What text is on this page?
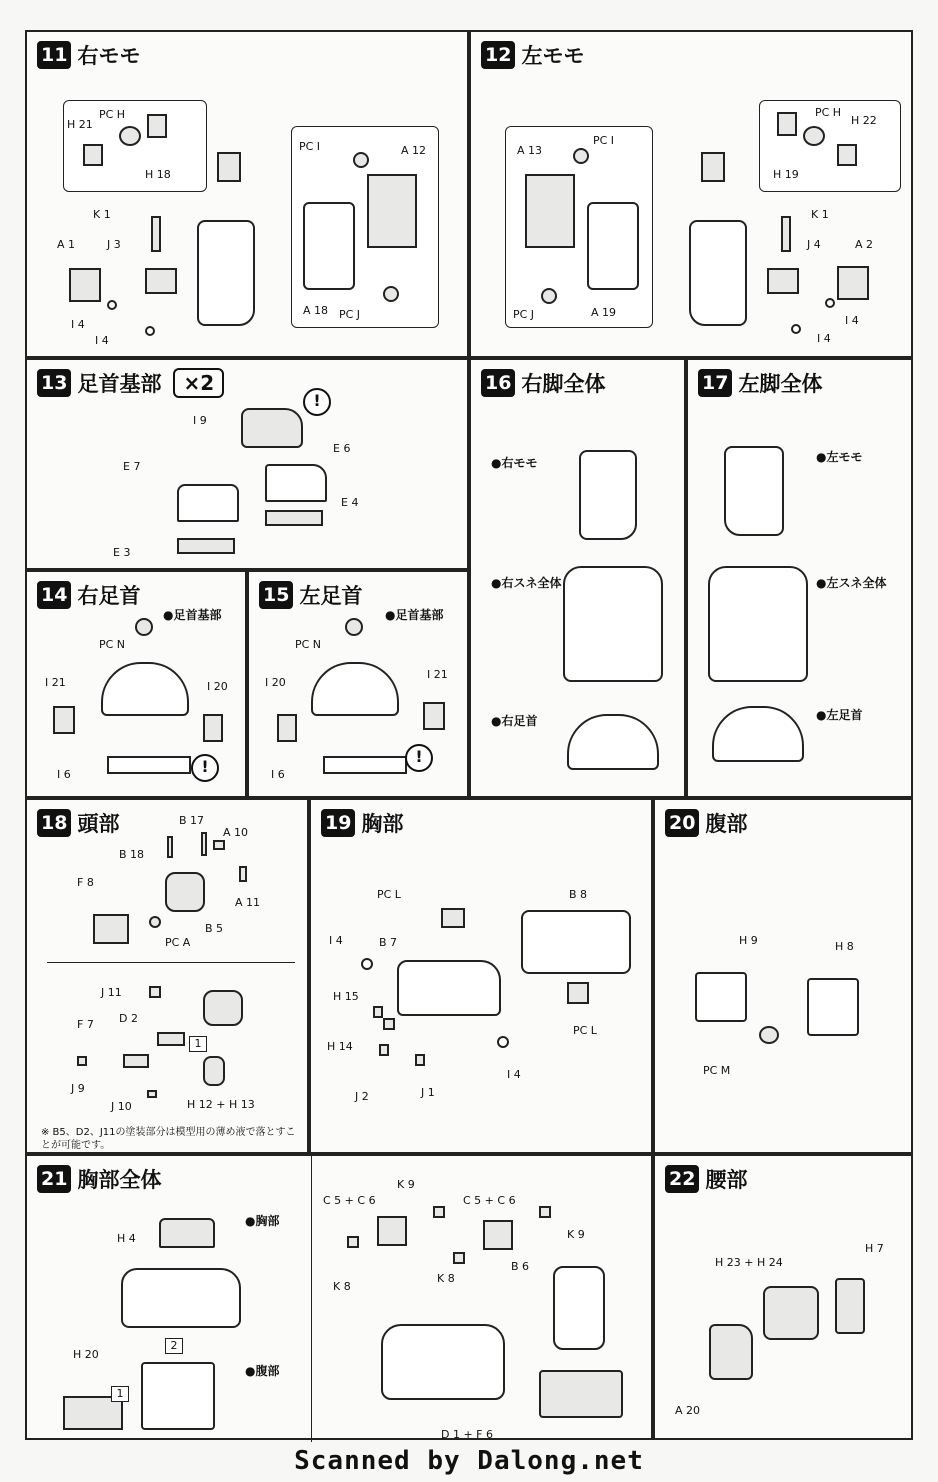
11 右モモ
PC H
H 21
H 18
K 1
A 1	J 3
I 4
I 4
PC I	A 12
A 18 PC J
12 左モモ
PC I
A 13
PC J	A 19
PC H
H 22
H 19
K 1
J 4	A 2
I 4
I 4
13 足首基部	×2
!
I 9
E 7
E 6
E 4
E 3
14 右足首
●足首基部
PC N
!
I 21	I 20
I 6
15 左足首
●足首基部
PC N
!
I 20
I 21
I 6
16 右脚全体
●右モモ
●右スネ全体
●右足首
17 左脚全体
●左モモ
●左スネ全体
●左足首
18 頭部	B 17
A 10
B 18
F 8
A 11
B 5
PC A
1
J 11
D 2
F 7
J 9
J 10	H 12 + H 13
※ B5、D2、J11の塗装部分は模型用の薄め液で落とすことが可能です。
19 胸部
PC L	B 8
I 4	B 7
H 15
H 14
J 2	J 1
I 4
PC L
20 腹部
H 9	H 8
PC M
21 胸部全体
H 4
●胸部
2
●腹部
1
H 20
C 5 + C 6
K 9
C 5 + C 6
K 9
K 8
K 8
B 6
D 1 + F 6
22 腰部
H 23 + H 24
H 7
A 20
Scanned by Dalong.net
